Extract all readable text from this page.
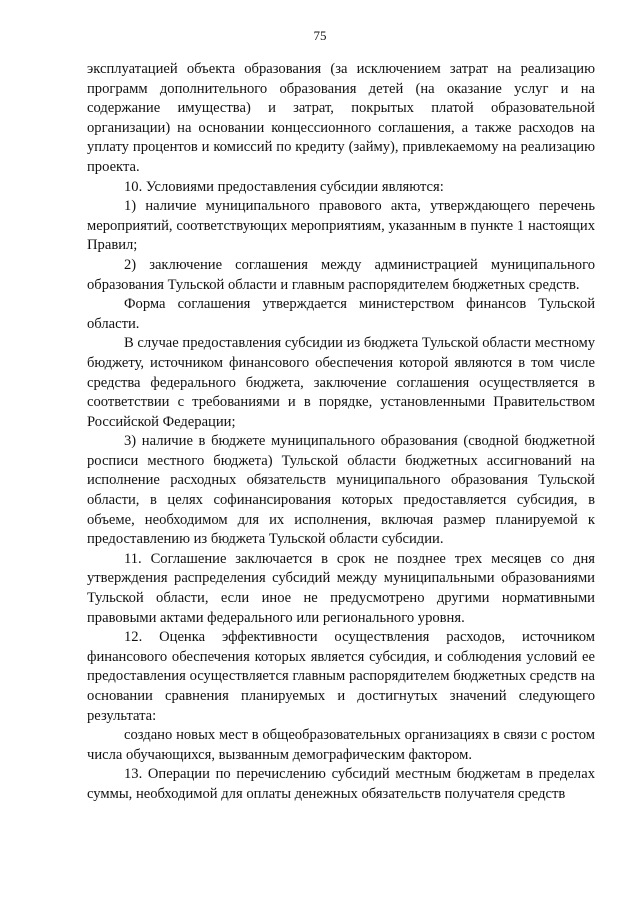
75

эксплуатацией объекта образования (за исключением затрат на реализацию программ дополнительного образования детей (на оказание услуг и на содержание имущества) и затрат, покрытых платой образовательной организации) на основании концессионного соглашения, а также расходов на уплату процентов и комиссий по кредиту (займу), привлекаемому на реализацию проекта.

10. Условиями предоставления субсидии являются:

1) наличие муниципального правового акта, утверждающего перечень мероприятий, соответствующих мероприятиям, указанным в пункте 1 настоящих Правил;

2) заключение соглашения между администрацией муниципального образования Тульской области и главным распорядителем бюджетных средств.

Форма соглашения утверждается министерством финансов Тульской области.

В случае предоставления субсидии из бюджета Тульской области местному бюджету, источником финансового обеспечения которой являются в том числе средства федерального бюджета, заключение соглашения осуществляется в соответствии с требованиями и в порядке, установленными Правительством Российской Федерации;

3) наличие в бюджете муниципального образования (сводной бюджетной росписи местного бюджета) Тульской области бюджетных ассигнований на исполнение расходных обязательств муниципального образования Тульской области, в целях софинансирования которых предоставляется субсидия, в объеме, необходимом для их исполнения, включая размер планируемой к предоставлению из бюджета Тульской области субсидии.

11. Соглашение заключается в срок не позднее трех месяцев со дня утверждения распределения субсидий между муниципальными образованиями Тульской области, если иное не предусмотрено другими нормативными правовыми актами федерального или регионального уровня.

12. Оценка эффективности осуществления расходов, источником финансового обеспечения которых является субсидия, и соблюдения условий ее предоставления осуществляется главным распорядителем бюджетных средств на основании сравнения планируемых и достигнутых значений следующего результата:

создано новых мест в общеобразовательных организациях в связи с ростом числа обучающихся, вызванным демографическим фактором.

13. Операции по перечислению субсидий местным бюджетам в пределах суммы, необходимой для оплаты денежных обязательств получателя средств
